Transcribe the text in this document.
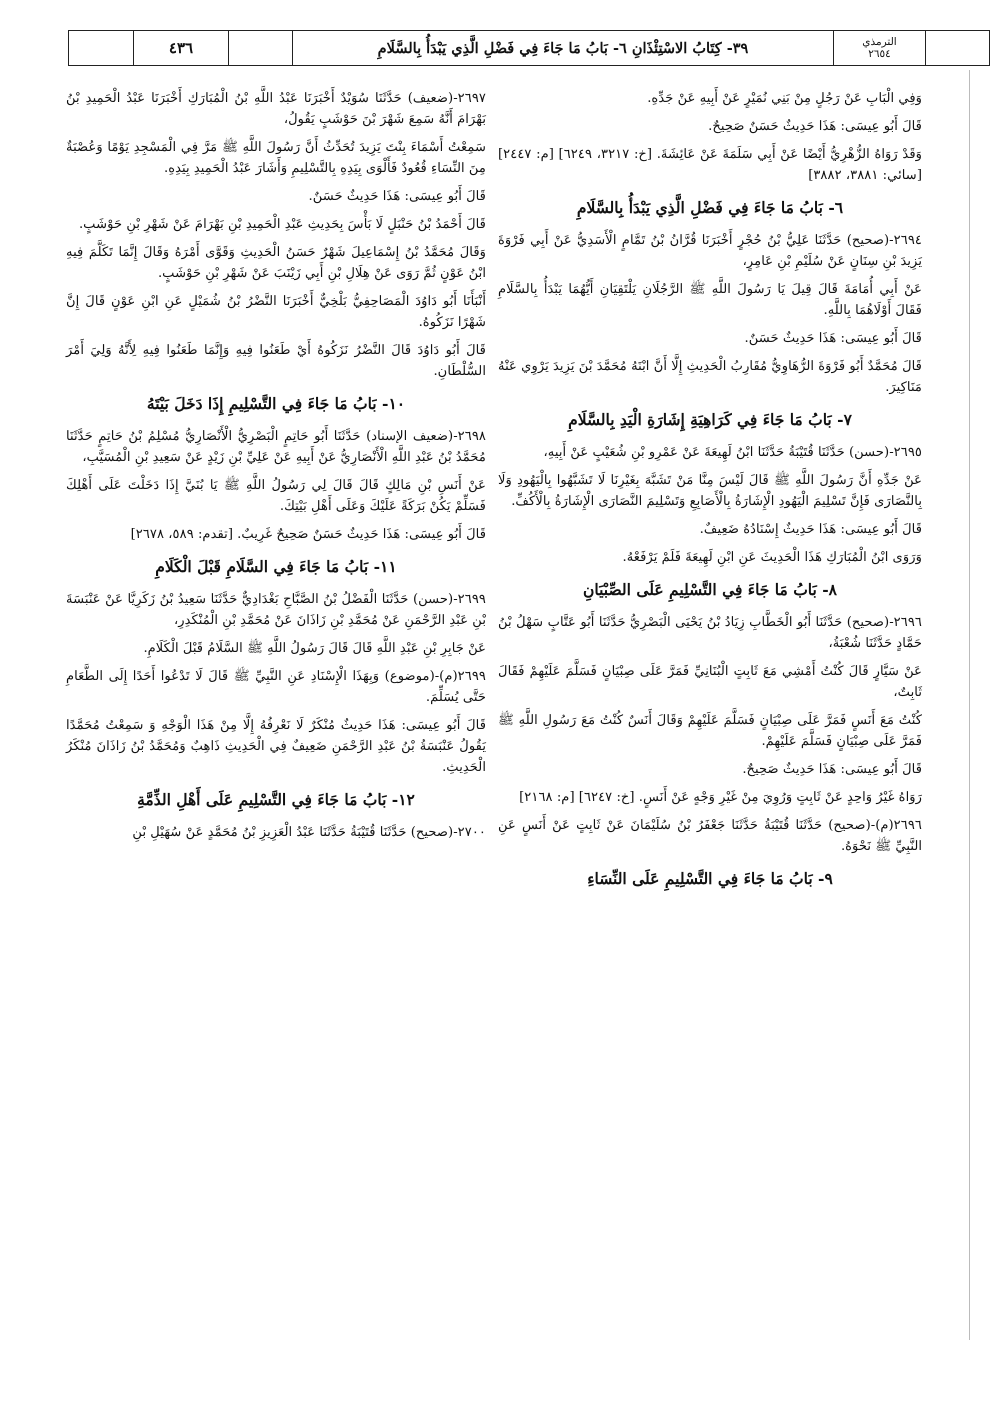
٤٣٦	٣٩- كِتَابُ الاسْتِئْذَانِ ٦- بَابُ مَا جَاءَ فِي فَضْلِ الَّذِي يَبْدَأُ بِالسَّلَامِ	الترمذي
٢٦٥٤

وَفِي الْبَابِ عَنْ رَجُلٍ مِنْ بَنِي نُمَيْرٍ عَنْ أَبِيهِ عَنْ جَدِّهِ.

قَالَ أَبُو عِيسَى: هَذَا حَدِيثٌ حَسَنٌ صَحِيحٌ.

وَقَدْ رَوَاهُ الزُّهْرِيُّ أَيْضًا عَنْ أَبِي سَلَمَةَ عَنْ عَائِشَةَ. [خ: ٣٢١٧، ٦٢٤٩] [م: ٢٤٤٧] [سائي: ٣٨٨١، ٣٨٨٢]

٦- بَابُ مَا جَاءَ فِي فَضْلِ الَّذِي يَبْدَأُ بِالسَّلَامِ

٢٦٩٤-(صحيح) حَدَّثَنَا عَلِيُّ بْنُ حُجْرٍ أَخْبَرَنَا قُرَّانُ بْنُ تَمَّامٍ الْأَسَدِيُّ عَنْ أَبِي فَرْوَةَ يَزِيدَ بْنِ سِنَانٍ عَنْ سُلَيْمِ بْنِ عَامِرٍ،

عَنْ أَبِي أُمَامَةَ قَالَ قِيلَ يَا رَسُولَ اللَّهِ ﷺ الرَّجُلَانِ يَلْتَقِيَانِ أَيُّهُمَا يَبْدَأُ بِالسَّلَامِ فَقَالَ أَوْلَاهُمَا بِاللَّهِ.

قَالَ أَبُو عِيسَى: هَذَا حَدِيثٌ حَسَنٌ.

قَالَ مُحَمَّدٌ أَبُو فَرْوَةَ الرُّهَاوِيُّ مُقَارِبُ الْحَدِيثِ إِلَّا أَنَّ ابْنَهُ مُحَمَّدَ بْنَ يَزِيدَ يَرْوِي عَنْهُ مَنَاكِيرَ.

٧- بَابُ مَا جَاءَ فِي كَرَاهِيَةِ إِشَارَةِ الْيَدِ بِالسَّلَامِ

٢٦٩٥-(حسن) حَدَّثَنَا قُتَيْبَةُ حَدَّثَنَا ابْنُ لَهِيعَةَ عَنْ عَمْرِو بْنِ شُعَيْبٍ عَنْ أَبِيهِ،

عَنْ جَدِّهِ أَنَّ رَسُولَ اللَّهِ ﷺ قَالَ لَيْسَ مِنَّا مَنْ تَشَبَّهَ بِغَيْرِنَا لَا تَشَبَّهُوا بِالْيَهُودِ وَلَا بِالنَّصَارَى فَإِنَّ تَسْلِيمَ الْيَهُودِ الْإِشَارَةُ بِالْأَصَابِعِ وَتَسْلِيمَ النَّصَارَى الْإِشَارَةُ بِالْأَكُفِّ.

قَالَ أَبُو عِيسَى: هَذَا حَدِيثٌ إِسْنَادُهُ ضَعِيفٌ.

وَرَوَى ابْنُ الْمُبَارَكِ هَذَا الْحَدِيثَ عَنِ ابْنِ لَهِيعَةَ فَلَمْ يَرْفَعْهُ.

٨- بَابُ مَا جَاءَ فِي التَّسْلِيمِ عَلَى الصِّبْيَانِ

٢٦٩٦-(صحيح) حَدَّثَنَا أَبُو الْخَطَّابِ زِيَادُ بْنُ يَحْيَى الْبَصْرِيُّ حَدَّثَنَا أَبُو عَتَّابٍ سَهْلُ بْنُ حَمَّادٍ حَدَّثَنَا شُعْبَةُ،

عَنْ سَيَّارٍ قَالَ كُنْتُ أَمْشِي مَعَ ثَابِتٍ الْبُنَانِيِّ فَمَرَّ عَلَى صِبْيَانٍ فَسَلَّمَ عَلَيْهِمْ فَقَالَ ثَابِتٌ،

كُنْتُ مَعَ أَنَسٍ فَمَرَّ عَلَى صِبْيَانٍ فَسَلَّمَ عَلَيْهِمْ وَقَالَ أَنَسٌ كُنْتُ مَعَ رَسُولِ اللَّهِ ﷺ فَمَرَّ عَلَى صِبْيَانٍ فَسَلَّمَ عَلَيْهِمْ.

قَالَ أَبُو عِيسَى: هَذَا حَدِيثٌ صَحِيحٌ.

رَوَاهُ غَيْرُ وَاحِدٍ عَنْ ثَابِتٍ وَرُوِيَ مِنْ غَيْرِ وَجْهٍ عَنْ أَنَسٍ. [خ: ٦٢٤٧] [م: ٢١٦٨]

٢٦٩٦(م)-(صحيح) حَدَّثَنَا قُتَيْبَةُ حَدَّثَنَا جَعْفَرُ بْنُ سُلَيْمَانَ عَنْ ثَابِتٍ عَنْ أَنَسٍ عَنِ النَّبِيِّ ﷺ نَحْوَهُ.

٩- بَابُ مَا جَاءَ فِي التَّسْلِيمِ عَلَى النِّسَاءِ

٢٦٩٧-(ضعيف) حَدَّثَنَا سُوَيْدٌ أَخْبَرَنَا عَبْدُ اللَّهِ بْنُ الْمُبَارَكِ أَخْبَرَنَا عَبْدُ الْحَمِيدِ بْنُ بَهْرَامَ أَنَّهُ سَمِعَ شَهْرَ بْنَ حَوْشَبٍ يَقُولُ،

سَمِعْتُ أَسْمَاءَ بِنْتَ يَزِيدَ تُحَدِّثُ أَنَّ رَسُولَ اللَّهِ ﷺ مَرَّ فِي الْمَسْجِدِ يَوْمًا وَعُصْبَةٌ مِنَ النِّسَاءِ قُعُودٌ فَأَلْوَى بِيَدِهِ بِالتَّسْلِيمِ وَأَشَارَ عَبْدُ الْحَمِيدِ بِيَدِهِ.

قَالَ أَبُو عِيسَى: هَذَا حَدِيثٌ حَسَنٌ.

قَالَ أَحْمَدُ بْنُ حَنْبَلٍ لَا بَأْسَ بِحَدِيثِ عَبْدِ الْحَمِيدِ بْنِ بَهْرَامَ عَنْ شَهْرِ بْنِ حَوْشَبٍ.

وَقَالَ مُحَمَّدُ بْنُ إِسْمَاعِيلَ شَهْرٌ حَسَنُ الْحَدِيثِ وَقَوَّى أَمْرَهُ وَقَالَ إِنَّمَا تَكَلَّمَ فِيهِ ابْنُ عَوْنٍ ثُمَّ رَوَى عَنْ هِلَالِ بْنِ أَبِي زَيْنَبَ عَنْ شَهْرِ بْنِ حَوْشَبٍ.

أَنْبَأَنَا أَبُو دَاوُدَ الْمَصَاحِفِيُّ بَلْخِيٌّ أَخْبَرَنَا النَّضْرُ بْنُ شُمَيْلٍ عَنِ ابْنِ عَوْنٍ قَالَ إِنَّ شَهْرًا نَزَكُوهُ.

قَالَ أَبُو دَاوُدَ قَالَ النَّضْرُ نَزَكُوهُ أَيْ طَعَنُوا فِيهِ وَإِنَّمَا طَعَنُوا فِيهِ لِأَنَّهُ وَلِيَ أَمْرَ السُّلْطَانِ.

١٠- بَابُ مَا جَاءَ فِي التَّسْلِيمِ إِذَا دَخَلَ بَيْتَهُ

٢٦٩٨-(ضعيف الإسناد) حَدَّثَنَا أَبُو حَاتِمٍ الْبَصْرِيُّ الْأَنْصَارِيُّ مُسْلِمُ بْنُ حَاتِمٍ حَدَّثَنَا مُحَمَّدُ بْنُ عَبْدِ اللَّهِ الْأَنْصَارِيُّ عَنْ أَبِيهِ عَنْ عَلِيِّ بْنِ زَيْدٍ عَنْ سَعِيدِ بْنِ الْمُسَيَّبِ،

عَنْ أَنَسِ بْنِ مَالِكٍ قَالَ قَالَ لِي رَسُولُ اللَّهِ ﷺ يَا بُنَيَّ إِذَا دَخَلْتَ عَلَى أَهْلِكَ فَسَلِّمْ يَكُنْ بَرَكَةً عَلَيْكَ وَعَلَى أَهْلِ بَيْتِكَ.

قَالَ أَبُو عِيسَى: هَذَا حَدِيثٌ حَسَنٌ صَحِيحٌ غَرِيبٌ. [تقدم: ٥٨٩، ٢٦٧٨]

١١- بَابُ مَا جَاءَ فِي السَّلَامِ قَبْلَ الْكَلَامِ

٢٦٩٩-(حسن) حَدَّثَنَا الْفَضْلُ بْنُ الصَّبَّاحِ بَغْدَادِيٌّ حَدَّثَنَا سَعِيدُ بْنُ زَكَرِيَّا عَنْ عَنْبَسَةَ بْنِ عَبْدِ الرَّحْمَنِ عَنْ مُحَمَّدِ بْنِ زَاذَانَ عَنْ مُحَمَّدِ بْنِ الْمُنْكَدِرِ،

عَنْ جَابِرِ بْنِ عَبْدِ اللَّهِ قَالَ قَالَ رَسُولُ اللَّهِ ﷺ السَّلَامُ قَبْلَ الْكَلَامِ.

٢٦٩٩(م)-(موضوع) وَبِهَذَا الْإِسْنَادِ عَنِ النَّبِيِّ ﷺ قَالَ لَا تَدْعُوا أَحَدًا إِلَى الطَّعَامِ حَتَّى يُسَلِّمَ.

قَالَ أَبُو عِيسَى: هَذَا حَدِيثٌ مُنْكَرٌ لَا نَعْرِفُهُ إِلَّا مِنْ هَذَا الْوَجْهِ وَ سَمِعْتُ مُحَمَّدًا يَقُولُ عَنْبَسَةُ بْنُ عَبْدِ الرَّحْمَنِ ضَعِيفٌ فِي الْحَدِيثِ ذَاهِبٌ وَمُحَمَّدُ بْنُ زَاذَانَ مُنْكَرُ الْحَدِيثِ.

١٢- بَابُ مَا جَاءَ فِي التَّسْلِيمِ عَلَى أَهْلِ الذِّمَّةِ

٢٧٠٠-(صحيح) حَدَّثَنَا قُتَيْبَةُ حَدَّثَنَا عَبْدُ الْعَزِيزِ بْنُ مُحَمَّدٍ عَنْ سُهَيْلِ بْنِ
